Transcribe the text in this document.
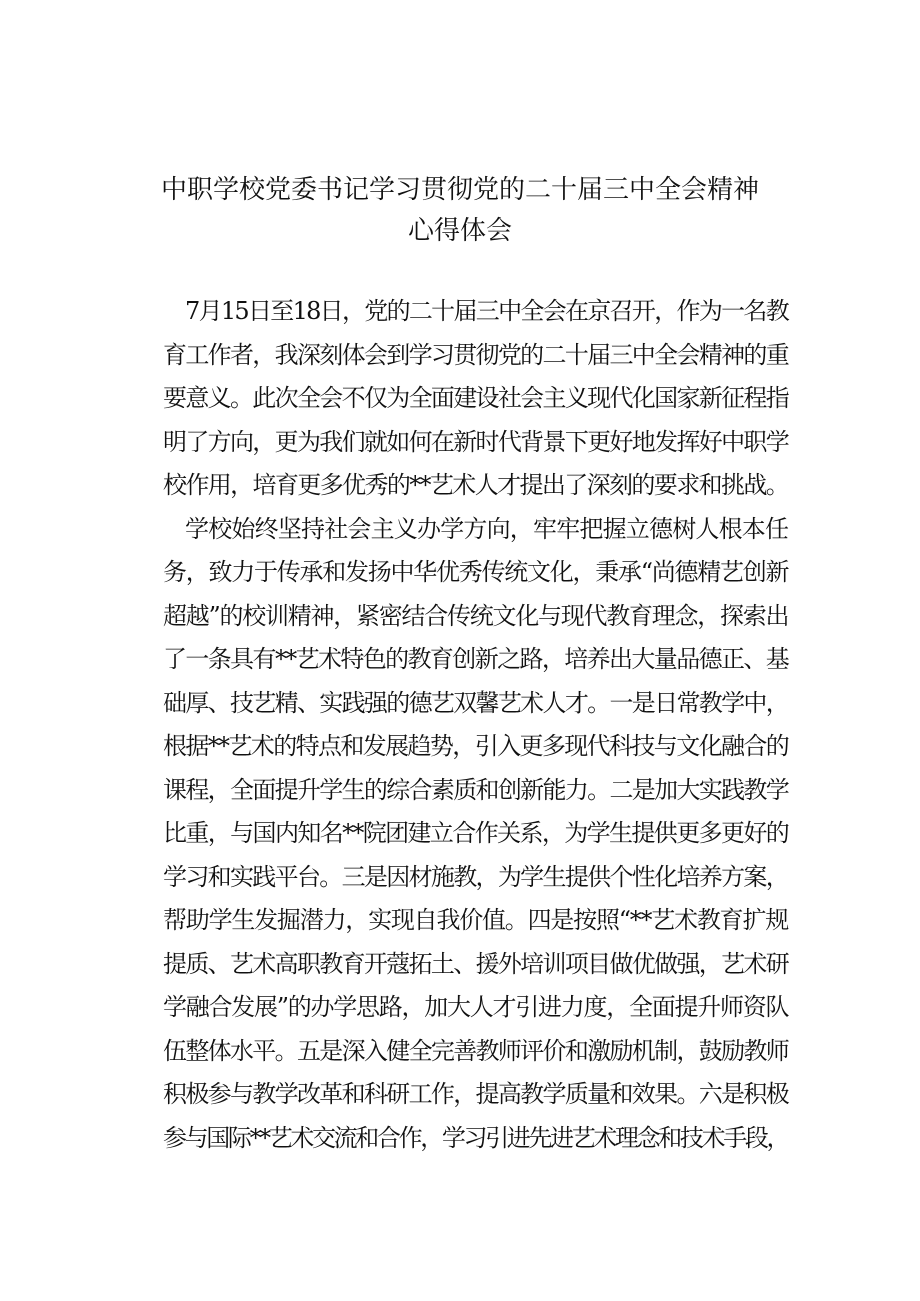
中职学校党委书记学习贯彻党的二十届三中全会精神
心得体会

7月15日至18日，党的二十届三中全会在京召开，作为一名教
育工作者，我深刻体会到学习贯彻党的二十届三中全会精神的重
要意义。此次全会不仅为全面建设社会主义现代化国家新征程指
明了方向，更为我们就如何在新时代背景下更好地发挥好中职学
校作用，培育更多优秀的**艺术人才提出了深刻的要求和挑战。

学校始终坚持社会主义办学方向，牢牢把握立德树人根本任
务，致力于传承和发扬中华优秀传统文化，秉承“尚德精艺创新
超越”的校训精神，紧密结合传统文化与现代教育理念，探索出
了一条具有**艺术特色的教育创新之路，培养出大量品德正、基
础厚、技艺精、实践强的德艺双馨艺术人才。一是日常教学中，
根据**艺术的特点和发展趋势，引入更多现代科技与文化融合的
课程，全面提升学生的综合素质和创新能力。二是加大实践教学
比重，与国内知名**院团建立合作关系，为学生提供更多更好的
学习和实践平台。三是因材施教，为学生提供个性化培养方案，
帮助学生发掘潜力，实现自我价值。四是按照“**艺术教育扩规
提质、艺术高职教育开蔻拓土、援外培训项目做优做强，艺术研
学融合发展”的办学思路，加大人才引进力度，全面提升师资队
伍整体水平。五是深入健全完善教师评价和激励机制，鼓励教师
积极参与教学改革和科研工作，提高教学质量和效果。六是积极
参与国际**艺术交流和合作，学习引进先进艺术理念和技术手段，
